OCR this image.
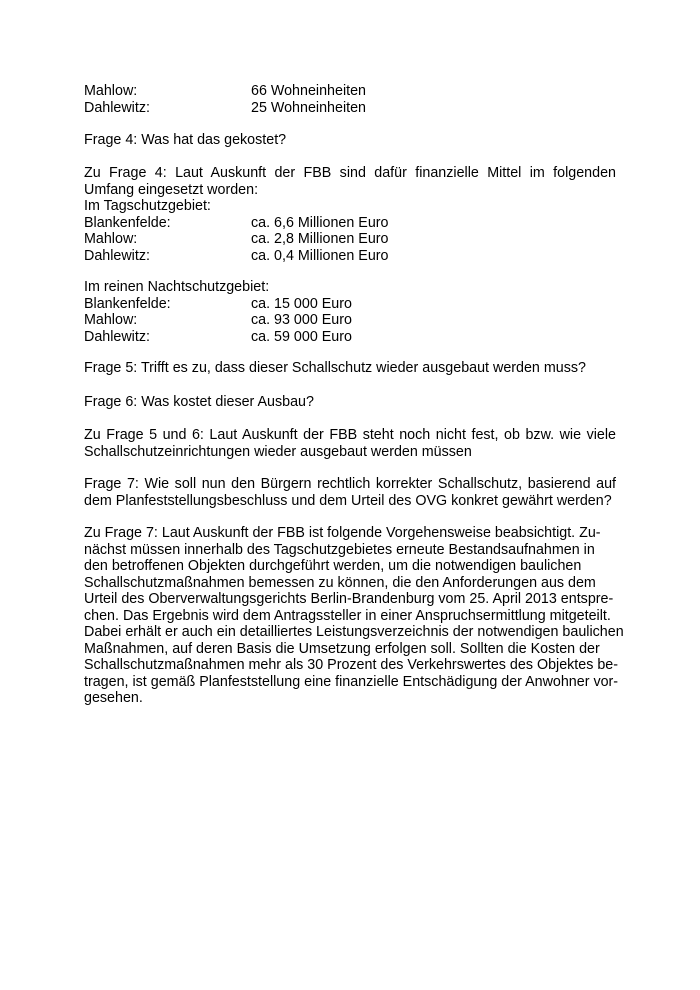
Mahlow:	66 Wohneinheiten
Dahlewitz:	25 Wohneinheiten

Frage 4: Was hat das gekostet?

Zu Frage 4: Laut Auskunft der FBB sind dafür finanzielle Mittel im folgenden Umfang eingesetzt worden:

Im Tagschutzgebiet:

Blankenfelde:	ca. 6,6 Millionen Euro
Mahlow:	ca. 2,8 Millionen Euro
Dahlewitz:	ca. 0,4 Millionen Euro

Im reinen Nachtschutzgebiet:

Blankenfelde:	ca. 15 000 Euro
Mahlow:	ca. 93 000 Euro
Dahlewitz:	ca. 59 000 Euro

Frage 5: Trifft es zu, dass dieser Schallschutz wieder ausgebaut werden muss?

Frage 6: Was kostet dieser Ausbau?

Zu Frage 5 und 6: Laut Auskunft der FBB steht noch nicht fest, ob bzw. wie viele Schallschutzeinrichtungen wieder ausgebaut werden müssen

Frage 7: Wie soll nun den Bürgern rechtlich korrekter Schallschutz, basierend auf dem Planfeststellungsbeschluss und dem Urteil des OVG konkret gewährt werden?

Zu Frage 7: Laut Auskunft der FBB ist folgende Vorgehensweise beabsichtigt. Zu-
nächst müssen innerhalb des Tagschutzgebietes erneute Bestandsaufnahmen in
den betroffenen Objekten durchgeführt werden, um die notwendigen baulichen
Schallschutzmaßnahmen bemessen zu können, die den Anforderungen aus dem
Urteil des Oberverwaltungsgerichts Berlin-Brandenburg vom 25. April 2013 entspre-
chen. Das Ergebnis wird dem Antragssteller in einer Anspruchsermittlung mitgeteilt.
Dabei erhält er auch ein detailliertes Leistungsverzeichnis der notwendigen baulichen
Maßnahmen, auf deren Basis die Umsetzung erfolgen soll. Sollten die Kosten der
Schallschutzmaßnahmen mehr als 30 Prozent des Verkehrswertes des Objektes be-
tragen, ist gemäß Planfeststellung eine finanzielle Entschädigung der Anwohner vor-
gesehen.
